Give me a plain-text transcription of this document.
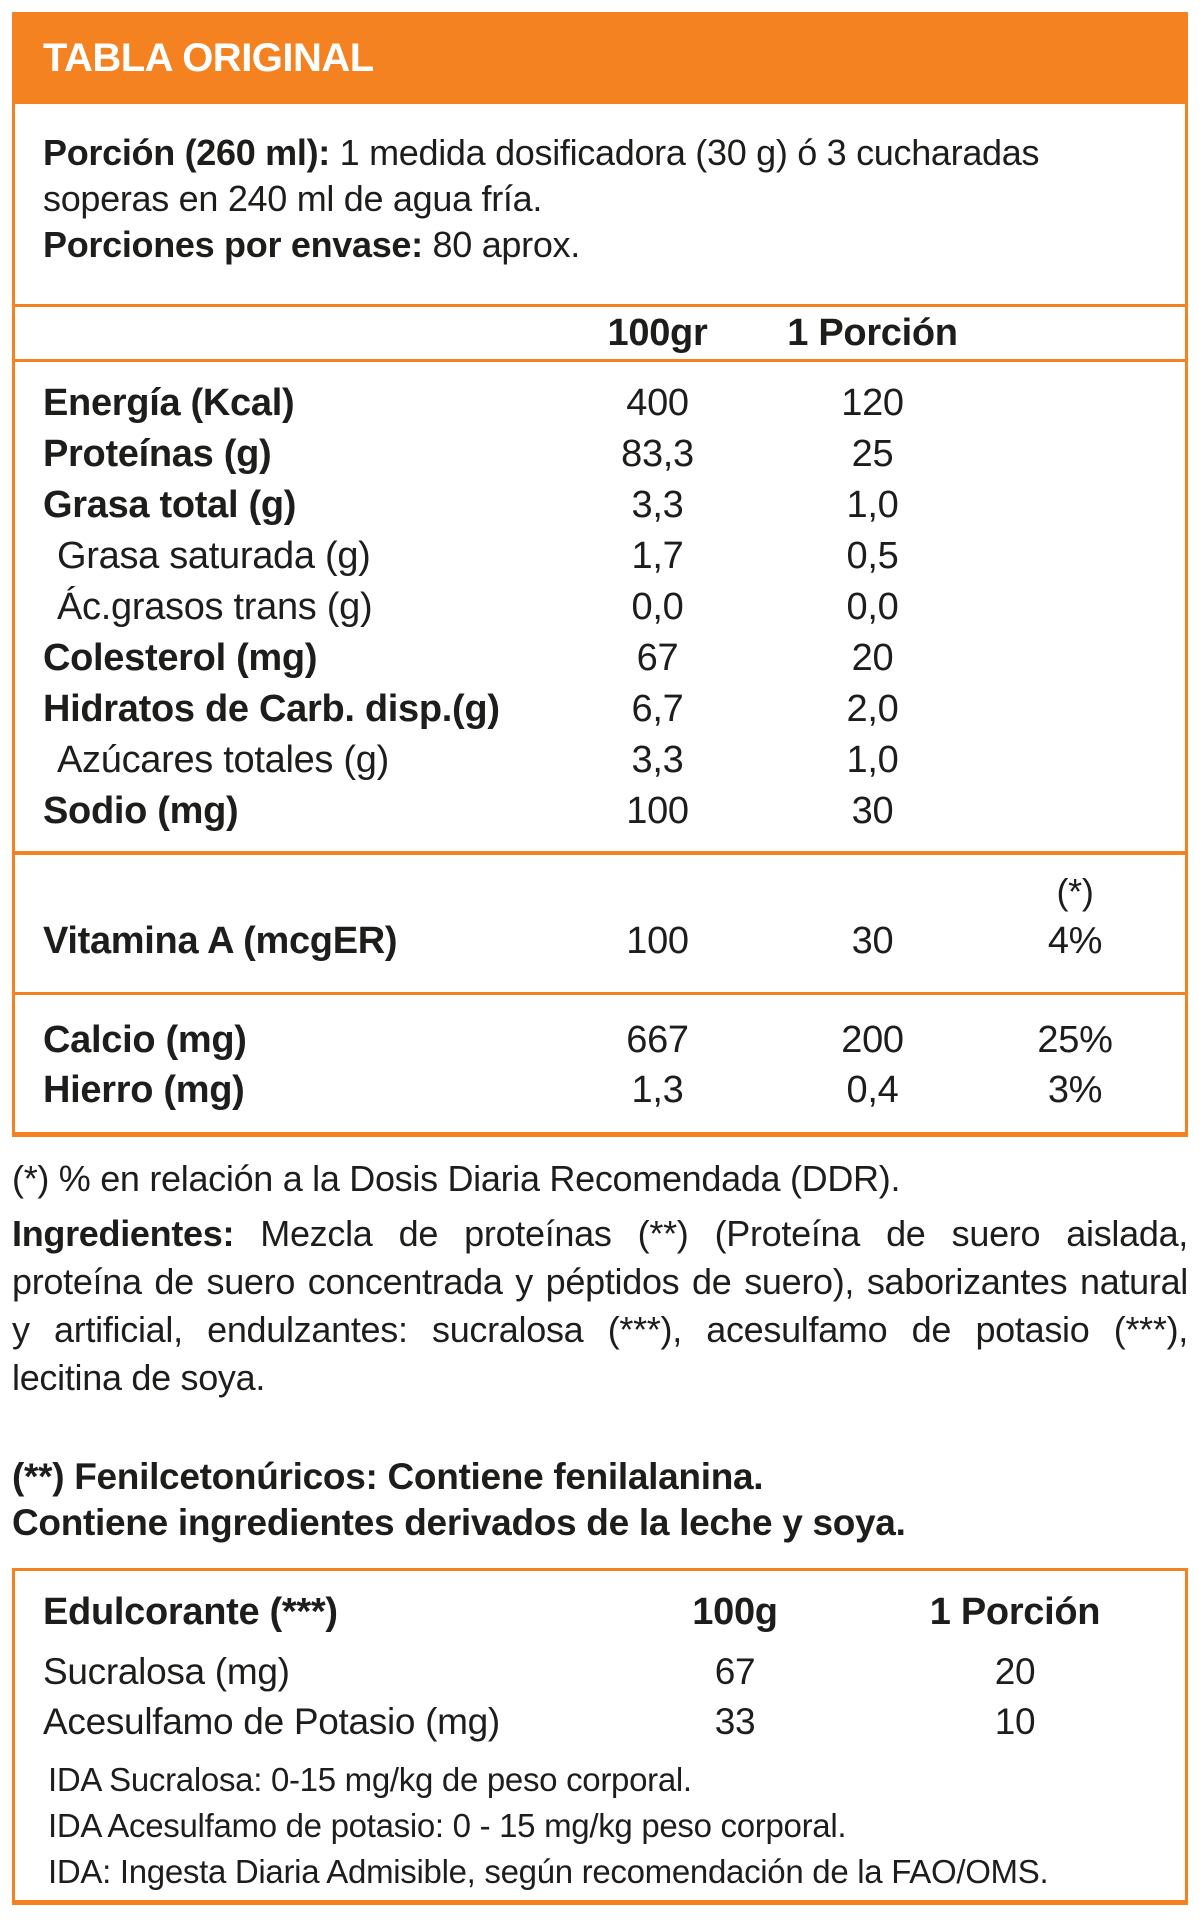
TABLA ORIGINAL
Porción (260 ml): 1 medida dosificadora (30 g) ó 3 cucharadas soperas en 240 ml de agua fría.
Porciones por envase: 80 aprox.
100gr	1 Porción
Energía (Kcal)	400	120
Proteínas (g)	83,3	25
Grasa total (g)	3,3	1,0
Grasa saturada (g)	1,7	0,5
Ác.grasos trans (g)	0,0	0,0
Colesterol (mg)	67	20
Hidratos de Carb. disp.(g)	6,7	2,0
Azúcares totales (g)	3,3	1,0
Sodio (mg)	100	30
(*)
Vitamina A (mcgER)	100	30	4%
Calcio (mg)	667	200	25%
Hierro (mg)	1,3	0,4	3%
(*) % en relación a la Dosis Diaria Recomendada (DDR).
Ingredientes: Mezcla de proteínas (**) (Proteína de suero aislada, proteína de suero concentrada y péptidos de suero), saborizantes natural y artificial, endulzantes: sucralosa (***), acesulfamo de potasio (***), lecitina de soya.
(**) Fenilcetonúricos: Contiene fenilalanina.
Contiene ingredientes derivados de la leche y soya.
Edulcorante (***)	100g	1 Porción
Sucralosa (mg)	67	20
Acesulfamo de Potasio (mg)	33	10
IDA Sucralosa: 0-15 mg/kg de peso corporal.
IDA Acesulfamo de potasio: 0 - 15 mg/kg peso corporal.
IDA: Ingesta Diaria Admisible, según recomendación de la FAO/OMS.
